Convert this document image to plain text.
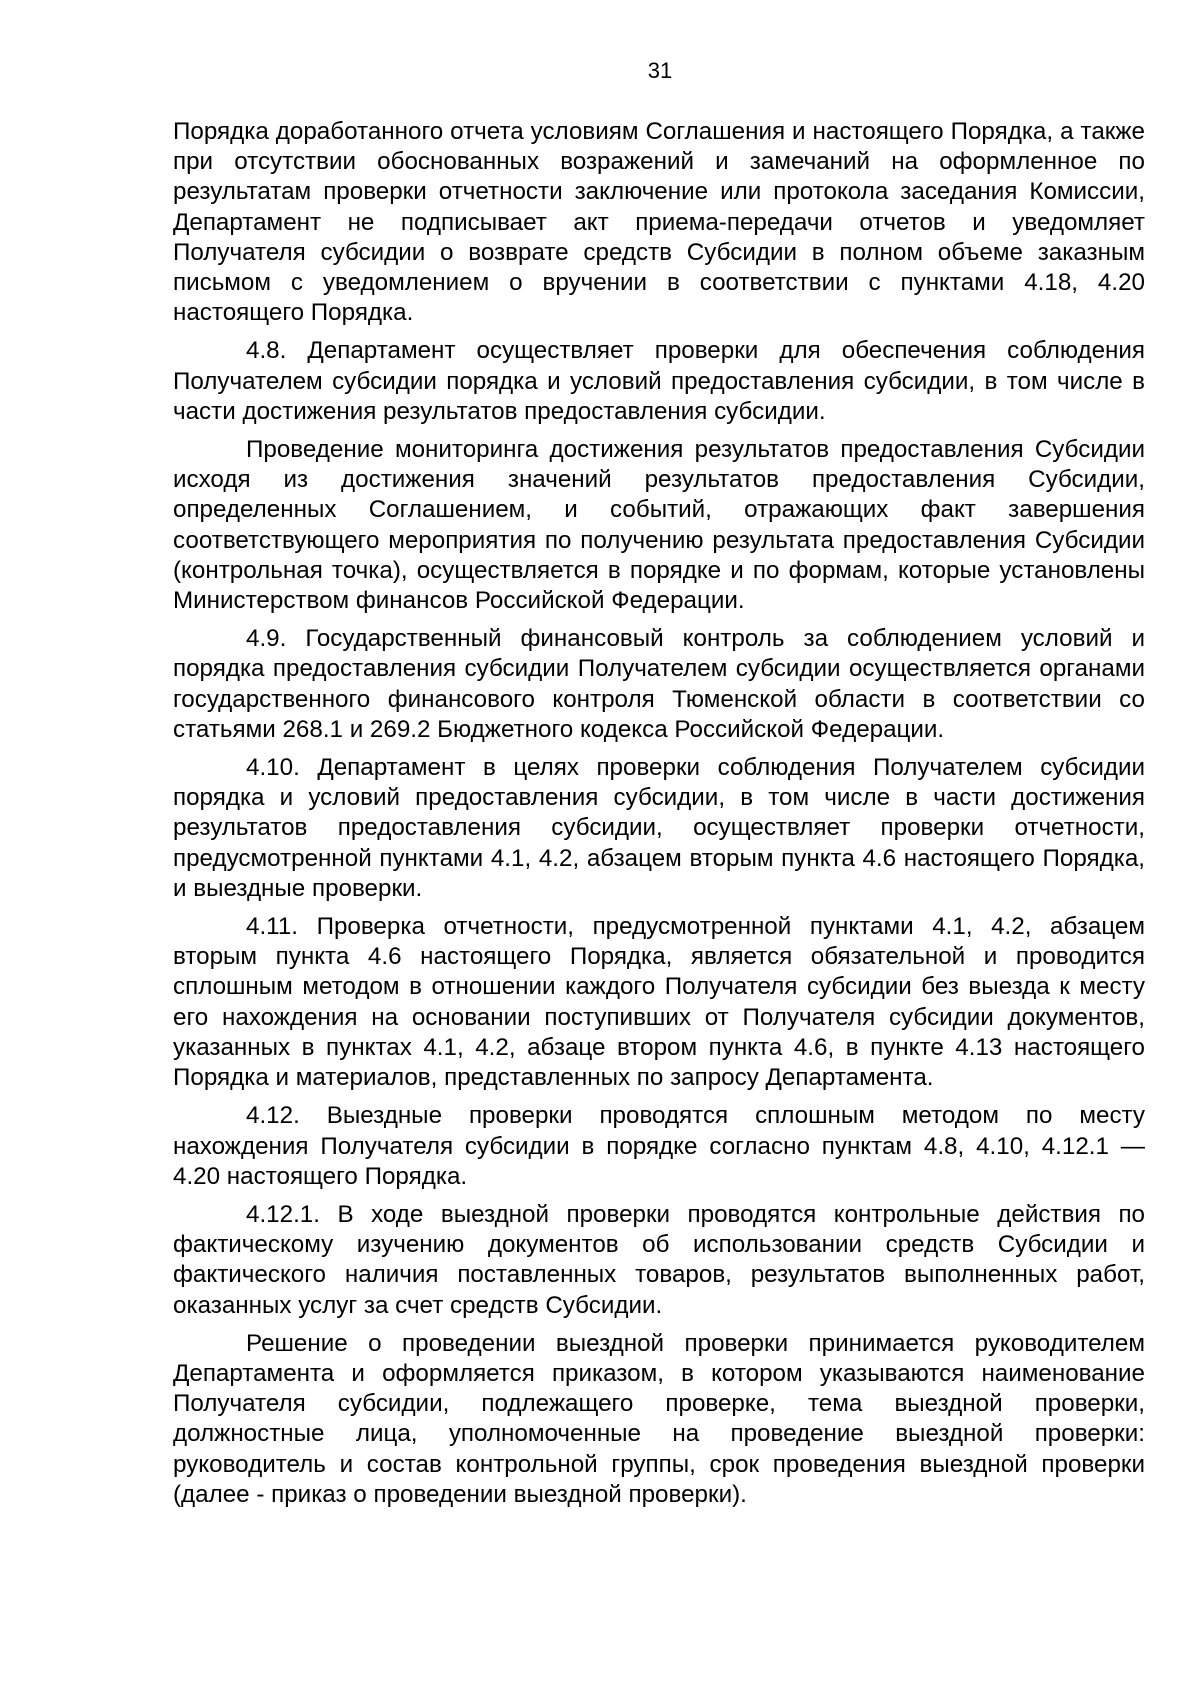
31

Порядка доработанного отчета условиям Соглашения и настоящего Порядка, а также при отсутствии обоснованных возражений и замечаний на оформленное по результатам проверки отчетности заключение или протокола заседания Комиссии, Департамент не подписывает акт приема-передачи отчетов и уведомляет Получателя субсидии о возврате средств Субсидии в полном объеме заказным письмом с уведомлением о вручении в соответствии с пунктами 4.18, 4.20 настоящего Порядка.

4.8. Департамент осуществляет проверки для обеспечения соблюдения Получателем субсидии порядка и условий предоставления субсидии, в том числе в части достижения результатов предоставления субсидии.

Проведение мониторинга достижения результатов предоставления Субсидии исходя из достижения значений результатов предоставления Субсидии, определенных Соглашением, и событий, отражающих факт завершения соответствующего мероприятия по получению результата предоставления Субсидии (контрольная точка), осуществляется в порядке и по формам, которые установлены Министерством финансов Российской Федерации.

4.9. Государственный финансовый контроль за соблюдением условий и порядка предоставления субсидии Получателем субсидии осуществляется органами государственного финансового контроля Тюменской области в соответствии со статьями 268.1 и 269.2 Бюджетного кодекса Российской Федерации.

4.10. Департамент в целях проверки соблюдения Получателем субсидии порядка и условий предоставления субсидии, в том числе в части достижения результатов предоставления субсидии, осуществляет проверки отчетности, предусмотренной пунктами 4.1, 4.2, абзацем вторым пункта 4.6 настоящего Порядка, и выездные проверки.

4.11. Проверка отчетности, предусмотренной пунктами 4.1, 4.2, абзацем вторым пункта 4.6 настоящего Порядка, является обязательной и проводится сплошным методом в отношении каждого Получателя субсидии без выезда к месту его нахождения на основании поступивших от Получателя субсидии документов, указанных в пунктах 4.1, 4.2, абзаце втором пункта 4.6, в пункте 4.13 настоящего Порядка и материалов, представленных по запросу Департамента.

4.12. Выездные проверки проводятся сплошным методом по месту нахождения Получателя субсидии в порядке согласно пунктам 4.8, 4.10, 4.12.1 — 4.20 настоящего Порядка.

4.12.1. В ходе выездной проверки проводятся контрольные действия по фактическому изучению документов об использовании средств Субсидии и фактического наличия поставленных товаров, результатов выполненных работ, оказанных услуг за счет средств Субсидии.

Решение о проведении выездной проверки принимается руководителем Департамента и оформляется приказом, в котором указываются наименование Получателя субсидии, подлежащего проверке, тема выездной проверки, должностные лица, уполномоченные на проведение выездной проверки: руководитель и состав контрольной группы, срок проведения выездной проверки (далее - приказ о проведении выездной проверки).
